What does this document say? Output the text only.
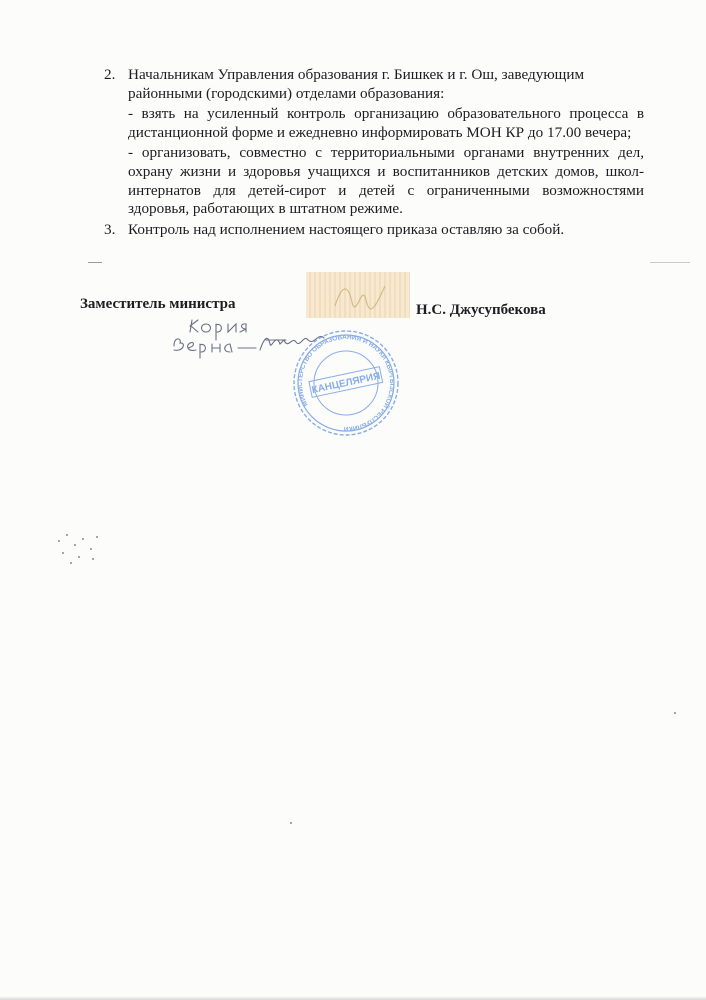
2. Начальникам Управления образования г. Бишкек и г. Ош, заведующим районными (городскими) отделами образования:

- взять на усиленный контроль организацию образовательного процесса в дистанционной форме и ежедневно информировать МОН КР до 17.00 вечера;

- организовать, совместно с территориальными органами внутренних дел, охрану жизни и здоровья учащихся и воспитанников детских домов, школ-интернатов для детей-сирот и детей с ограниченными возможностями здоровья, работающих в штатном режиме.

3. Контроль над исполнением настоящего приказа оставляю за собой.

Заместитель министра	Н.С. Джусупбекова
МИНИСТЕРСТВО ОБРАЗОВАНИЯ И НАУКИ КЫРГЫЗСКОЙ РЕСПУБЛИКИ
КАНЦЕЛЯРИЯ
